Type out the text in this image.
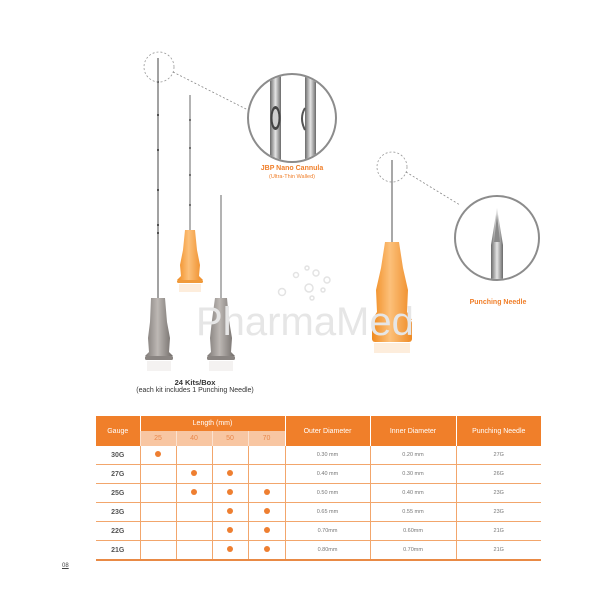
PharmaMed
JBP Nano Cannula
(Ultra-Thin Walled)
Punching Needle
24 Kits/Box
(each kit includes 1 Punching Needle)
Gauge	Length (mm)				Outer Diameter	Inner Diameter	Punching Needle
	25	40	50	70			
30G					0.30 mm	0.20 mm	27G
27G					0.40 mm	0.30 mm	26G
25G					0.50 mm	0.40 mm	23G
23G					0.65 mm	0.55 mm	23G
22G					0.70mm	0.60mm	21G
21G					0.80mm	0.70mm	21G
08
